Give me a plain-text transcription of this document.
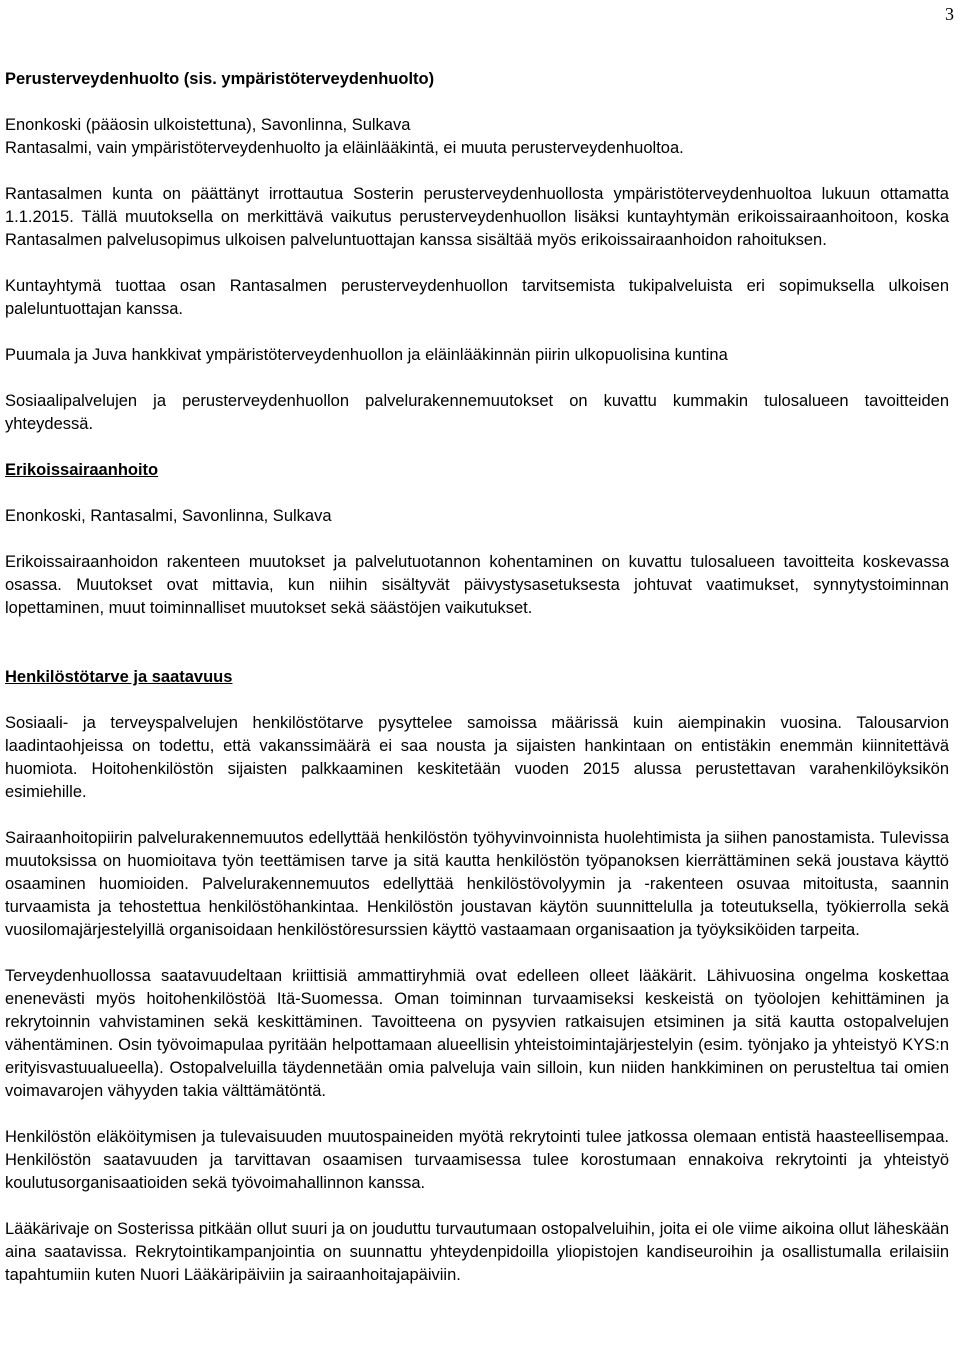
3

Perusterveydenhuolto (sis. ympäristöterveydenhuolto)

Enonkoski (pääosin ulkoistettuna), Savonlinna, Sulkava
Rantasalmi, vain ympäristöterveydenhuolto ja eläinlääkintä, ei muuta perusterveydenhuoltoa.

Rantasalmen kunta on päättänyt irrottautua Sosterin perusterveydenhuollosta ympäristöterveydenhuoltoa lukuun ottamatta 1.1.2015. Tällä muutoksella on merkittävä vaikutus perusterveydenhuollon lisäksi kuntayhtymän erikoissairaanhoitoon, koska Rantasalmen palvelusopimus ulkoisen palveluntuottajan kanssa sisältää myös erikoissairaanhoidon rahoituksen.

Kuntayhtymä tuottaa osan Rantasalmen perusterveydenhuollon tarvitsemista tukipalveluista eri sopimuksella ulkoisen paleluntuottajan kanssa.

Puumala ja Juva hankkivat ympäristöterveydenhuollon ja eläinlääkinnän piirin ulkopuolisina kuntina

Sosiaalipalvelujen ja perusterveydenhuollon palvelurakennemuutokset on kuvattu kummakin tulosalueen tavoitteiden yhteydessä.

Erikoissairaanhoito

Enonkoski, Rantasalmi, Savonlinna, Sulkava

Erikoissairaanhoidon rakenteen muutokset ja palvelutuotannon kohentaminen on kuvattu tulosalueen tavoitteita koskevassa osassa. Muutokset ovat mittavia, kun niihin sisältyvät päivystysasetuksesta johtuvat vaatimukset, synnytystoiminnan lopettaminen, muut toiminnalliset muutokset sekä säästöjen vaikutukset.

Henkilöstötarve ja saatavuus

Sosiaali- ja terveyspalvelujen henkilöstötarve pysyttelee samoissa määrissä kuin aiempinakin vuosina. Talousarvion laadintaohjeissa on todettu, että vakanssimäärä ei saa nousta ja sijaisten hankintaan on entistäkin enemmän kiinnitettävä huomiota. Hoitohenkilöstön sijaisten palkkaaminen keskitetään vuoden 2015 alussa perustettavan varahenkilöyksikön esimiehille.

Sairaanhoitopiirin palvelurakennemuutos edellyttää henkilöstön työhyvinvoinnista huolehtimista ja siihen panostamista. Tulevissa muutoksissa on huomioitava työn teettämisen tarve ja sitä kautta henkilöstön työpanoksen kierrättäminen sekä joustava käyttö osaaminen huomioiden. Palvelurakennemuutos edellyttää henkilöstövolyymin ja -rakenteen osuvaa mitoitusta, saannin turvaamista ja tehostettua henkilöstöhankintaa. Henkilöstön joustavan käytön suunnittelulla ja toteutuksella, työkierrolla sekä vuosilomajärjestelyillä organisoidaan henkilöstöresurssien käyttö vastaamaan organisaation ja työyksiköiden tarpeita.

Terveydenhuollossa saatavuudeltaan kriittisiä ammattiryhmiä ovat edelleen olleet lääkärit. Lähivuosina ongelma koskettaa enenevästi myös hoitohenkilöstöä Itä-Suomessa. Oman toiminnan turvaamiseksi keskeistä on työolojen kehittäminen ja rekrytoinnin vahvistaminen sekä keskittäminen. Tavoitteena on pysyvien ratkaisujen etsiminen ja sitä kautta ostopalvelujen vähentäminen. Osin työvoimapulaa pyritään helpottamaan alueellisin yhteistoimintajärjestelyin (esim. työnjako ja yhteistyö KYS:n erityisvastuualueella). Ostopalveluilla täydennetään omia palveluja vain silloin, kun niiden hankkiminen on perusteltua tai omien voimavarojen vähyyden takia välttämätöntä.

Henkilöstön eläköitymisen ja tulevaisuuden muutospaineiden myötä rekrytointi tulee jatkossa olemaan entistä haasteellisempaa. Henkilöstön saatavuuden ja tarvittavan osaamisen turvaamisessa tulee korostumaan ennakoiva rekrytointi ja yhteistyö koulutusorganisaatioiden sekä työvoimahallinnon kanssa.

Lääkärivaje on Sosterissa pitkään ollut suuri ja on jouduttu turvautumaan ostopalveluihin, joita ei ole viime aikoina ollut läheskään aina saatavissa. Rekrytointikampanjointia on suunnattu yhteydenpidoilla yliopistojen kandiseuroihin ja osallistumalla erilaisiin tapahtumiin kuten Nuori Lääkäripäiviin ja sairaanhoitajapäiviin.
